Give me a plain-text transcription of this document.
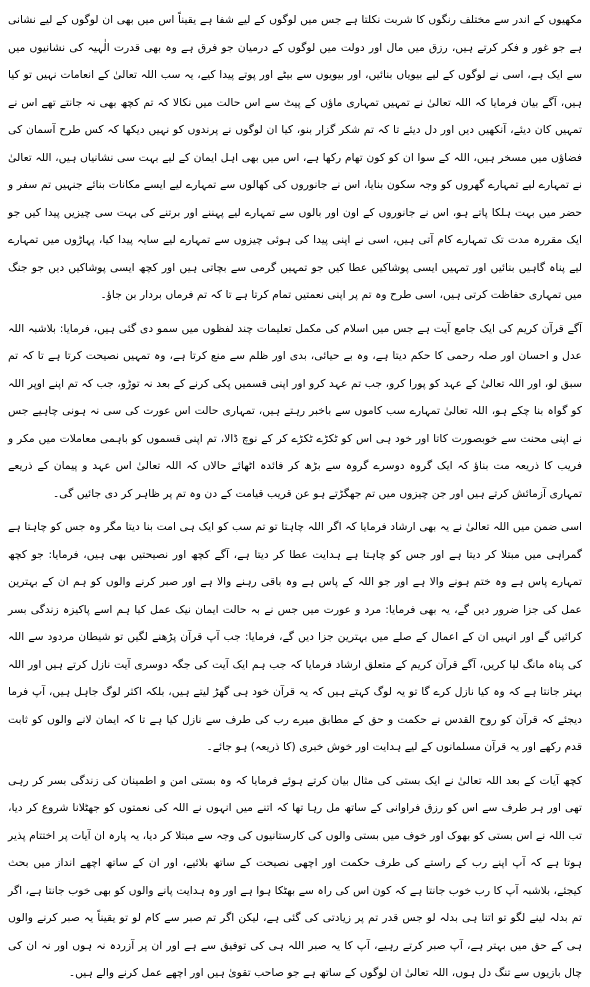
مکھیوں کے اندر سے مختلف رنگوں کا شربت نکلتا ہے جس میں لوگوں کے لیے شفا ہے یقیناً اس میں بھی ان لوگوں کے لیے نشانی ہے جو غور و فکر کرتے ہیں، رزق میں مال اور دولت میں لوگوں کے درمیان جو فرق ہے وہ بھی قدرت الٰہیہ کی نشانیوں میں سے ایک ہے، اسی نے لوگوں کے لیے بیویاں بنائیں، اور بیویوں سے بیٹے اور پوتے پیدا کیے، یہ سب اللہ تعالیٰ کے انعامات نہیں تو کیا ہیں، آگے بیان فرمایا کہ اللہ تعالیٰ نے تمہیں تمہاری ماؤں کے پیٹ سے اس حالت میں نکالا کہ تم کچھ بھی نہ جانتے تھے اس نے تمہیں کان دیئے، آنکھیں دیں اور دل دیئے تا کہ تم شکر گزار بنو، کیا ان لوگوں نے پرندوں کو نہیں دیکھا کہ کس طرح آسمان کی فضاؤں میں مسخر ہیں، اللہ کے سوا ان کو کون تھام رکھا ہے، اس میں بھی اہل ایمان کے لیے بہت سی نشانیاں ہیں، اللہ تعالیٰ نے تمہارے لیے تمہارے گھروں کو وجہ سکون بنایا، اس نے جانوروں کی کھالوں سے تمہارے لیے ایسے مکانات بنائے جنہیں تم سفر و حضر میں بہت ہلکا پاتے ہو، اس نے جانوروں کے اون اور بالوں سے تمہارے لیے پہننے اور برتنے کی بہت سی چیزیں پیدا کیں جو ایک مقررہ مدت تک تمہارے کام آتی ہیں، اسی نے اپنی پیدا کی ہوئی چیزوں سے تمہارے لیے سایہ پیدا کیا، پہاڑوں میں تمہارے لیے پناہ گاہیں بنائیں اور تمہیں ایسی پوشاکیں عطا کیں جو تمہیں گرمی سے بچاتی ہیں اور کچھ ایسی پوشاکیں دیں جو جنگ میں تمہاری حفاظت کرتی ہیں، اسی طرح وہ تم پر اپنی نعمتیں تمام کرتا ہے تا کہ تم فرماں بردار بن جاؤ۔

آگے قرآن کریم کی ایک جامع آیت ہے جس میں اسلام کی مکمل تعلیمات چند لفظوں میں سمو دی گئی ہیں، فرمایا: بلاشبہ اللہ عدل و احسان اور صلہ رحمی کا حکم دیتا ہے، وہ بے حیائی، بدی اور ظلم سے منع کرتا ہے، وہ تمہیں نصیحت کرتا ہے تا کہ تم سبق لو، اور اللہ تعالیٰ کے عہد کو پورا کرو، جب تم عہد کرو اور اپنی قسمیں پکی کرنے کے بعد نہ توڑو، جب کہ تم اپنے اوپر اللہ کو گواہ بنا چکے ہو، اللہ تعالیٰ تمہارے سب کاموں سے باخبر رہتے ہیں، تمہاری حالت اس عورت کی سی نہ ہونی چاہیے جس نے اپنی محنت سے خوبصورت کاتا اور خود ہی اس کو ٹکڑے ٹکڑے کر کے نوچ ڈالا، تم اپنی قسموں کو باہمی معاملات میں مکر و فریب کا ذریعہ مت بناؤ کہ ایک گروہ دوسرے گروہ سے بڑھ کر فائدہ اٹھائے حالاں کہ اللہ تعالیٰ اس عہد و پیمان کے ذریعے تمہاری آزمائش کرتے ہیں اور جن چیزوں میں تم جھگڑتے ہو عن قریب قیامت کے دن وہ تم پر ظاہر کر دی جائیں گی۔

اسی ضمن میں اللہ تعالیٰ نے یہ بھی ارشاد فرمایا کہ اگر اللہ چاہتا تو تم سب کو ایک ہی امت بنا دیتا مگر وہ جس کو چاہتا ہے گمراہی میں مبتلا کر دیتا ہے اور جس کو چاہتا ہے ہدایت عطا کر دیتا ہے، آگے کچھ اور نصیحتیں بھی ہیں، فرمایا: جو کچھ تمہارے پاس ہے وہ ختم ہونے والا ہے اور جو اللہ کے پاس ہے وہ باقی رہنے والا ہے اور صبر کرنے والوں کو ہم ان کے بہترین عمل کی جزا ضرور دیں گے، یہ بھی فرمایا: مرد و عورت میں جس نے بہ حالت ایمان نیک عمل کیا ہم اسے پاکیزہ زندگی بسر کرائیں گے اور انہیں ان کے اعمال کے صلے میں بہترین جزا دیں گے، فرمایا: جب آپ قرآن پڑھنے لگیں تو شیطان مردود سے اللہ کی پناہ مانگ لیا کریں، آگے قرآن کریم کے متعلق ارشاد فرمایا کہ جب ہم ایک آیت کی جگہ دوسری آیت نازل کرتے ہیں اور اللہ بہتر جانتا ہے کہ وہ کیا نازل کرے گا تو یہ لوگ کہتے ہیں کہ یہ قرآن خود ہی گھڑ لیتے ہیں، بلکہ اکثر لوگ جاہل ہیں، آپ فرما دیجئے کہ قرآن کو روح القدس نے حکمت و حق کے مطابق میرے رب کی طرف سے نازل کیا ہے تا کہ ایمان لانے والوں کو ثابت قدم رکھے اور یہ قرآن مسلمانوں کے لیے ہدایت اور خوش خبری (کا ذریعہ) ہو جائے۔

کچھ آیات کے بعد اللہ تعالیٰ نے ایک بستی کی مثال بیان کرتے ہوئے فرمایا کہ وہ بستی امن و اطمینان کی زندگی بسر کر رہی تھی اور ہر طرف سے اس کو رزق فراوانی کے ساتھ مل رہا تھا کہ اتنے میں انہوں نے اللہ کی نعمتوں کو جھٹلانا شروع کر دیا، تب اللہ نے اس بستی کو بھوک اور خوف میں بستی والوں کی کارستانیوں کی وجہ سے مبتلا کر دیا، یہ پارہ ان آیات پر اختتام پذیر ہوتا ہے کہ آپ اپنے رب کے راستے کی طرف حکمت اور اچھی نصیحت کے ساتھ بلائیے، اور ان کے ساتھ اچھے انداز میں بحث کیجئے، بلاشبہ آپ کا رب خوب جانتا ہے کہ کون اس کی راہ سے بھٹکا ہوا ہے اور وہ ہدایت پانے والوں کو بھی خوب جانتا ہے، اگر تم بدلہ لینے لگو تو اتنا ہی بدلہ لو جس قدر تم پر زیادتی کی گئی ہے، لیکن اگر تم صبر سے کام لو تو یقیناً یہ صبر کرنے والوں ہی کے حق میں بہتر ہے، آپ صبر کرتے رہیے، آپ کا یہ صبر اللہ ہی کی توفیق سے ہے اور ان پر آزردہ نہ ہوں اور نہ ان کی چال بازیوں سے تنگ دل ہوں، اللہ تعالیٰ ان لوگوں کے ساتھ ہے جو صاحب تقویٰ ہیں اور اچھے عمل کرنے والے ہیں۔
